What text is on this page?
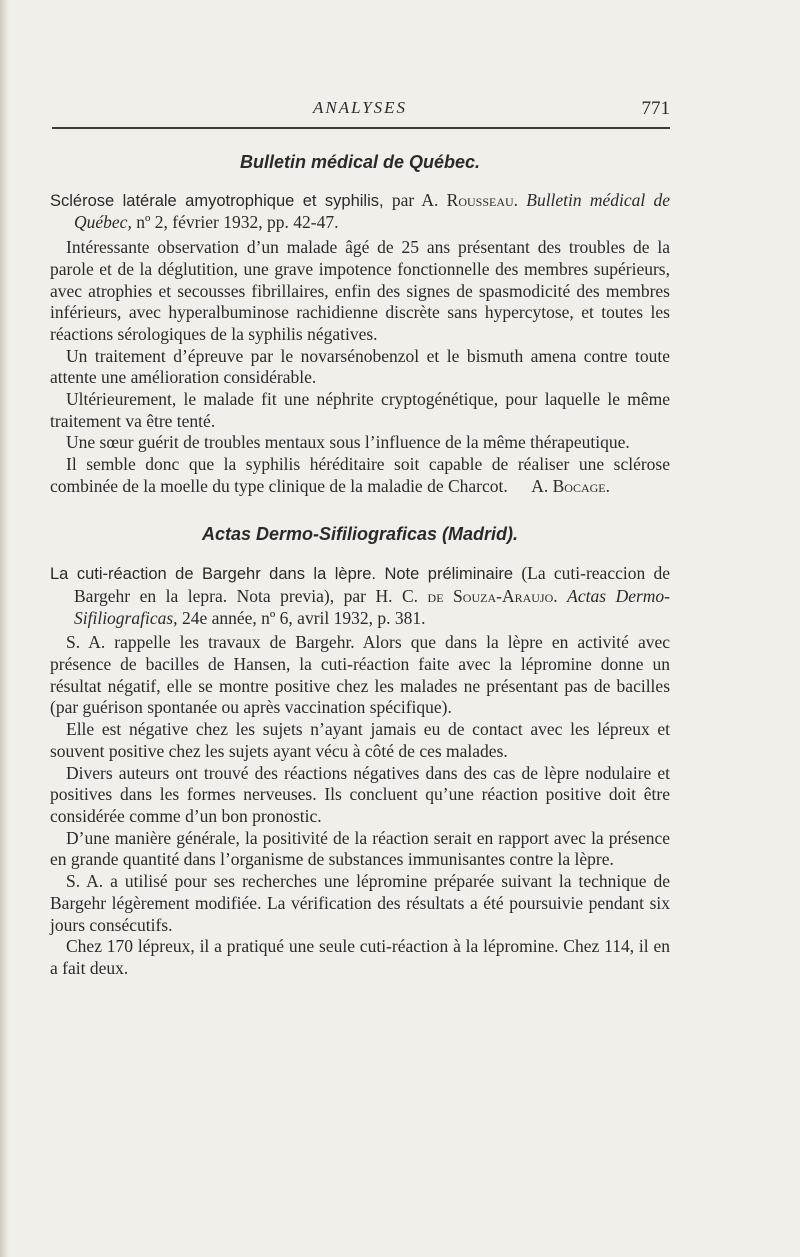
ANALYSES	771
Bulletin médical de Québec.

Sclérose latérale amyotrophique et syphilis, par A. Rousseau. Bulletin médical de Québec, nº 2, février 1932, pp. 42-47.

Intéressante observation d’un malade âgé de 25 ans présentant des troubles de la parole et de la déglutition, une grave impotence fonctionnelle des membres supérieurs, avec atrophies et secousses fibrillaires, enfin des signes de spasmodicité des membres inférieurs, avec hyperalbuminose rachidienne discrète sans hypercytose, et toutes les réactions sérologiques de la syphilis négatives.

Un traitement d’épreuve par le novarsénobenzol et le bismuth amena contre toute attente une amélioration considérable.

Ultérieurement, le malade fit une néphrite cryptogénétique, pour laquelle le même traitement va être tenté.

Une sœur guérit de troubles mentaux sous l’influence de la même thérapeutique.

Il semble donc que la syphilis héréditaire soit capable de réaliser une sclérose combinée de la moelle du type clinique de la maladie de Charcot.	A. Bocage.

Actas Dermo-Sifiliograficas (Madrid).

La cuti-réaction de Bargehr dans la lèpre. Note préliminaire (La cuti-reaccion de Bargehr en la lepra. Nota previa), par H. C. de Souza-Araujo. Actas Dermo-Sifiliograficas, 24e année, nº 6, avril 1932, p. 381.

S. A. rappelle les travaux de Bargehr. Alors que dans la lèpre en activité avec présence de bacilles de Hansen, la cuti-réaction faite avec la lépromine donne un résultat négatif, elle se montre positive chez les malades ne présentant pas de bacilles (par guérison spontanée ou après vaccination spécifique).

Elle est négative chez les sujets n’ayant jamais eu de contact avec les lépreux et souvent positive chez les sujets ayant vécu à côté de ces malades.

Divers auteurs ont trouvé des réactions négatives dans des cas de lèpre nodulaire et positives dans les formes nerveuses. Ils concluent qu’une réaction positive doit être considérée comme d’un bon pronostic.

D’une manière générale, la positivité de la réaction serait en rapport avec la présence en grande quantité dans l’organisme de substances immunisantes contre la lèpre.

S. A. a utilisé pour ses recherches une lépromine préparée suivant la technique de Bargehr légèrement modifiée. La vérification des résultats a été poursuivie pendant six jours consécutifs.

Chez 170 lépreux, il a pratiqué une seule cuti-réaction à la lépromine. Chez 114, il en a fait deux.
